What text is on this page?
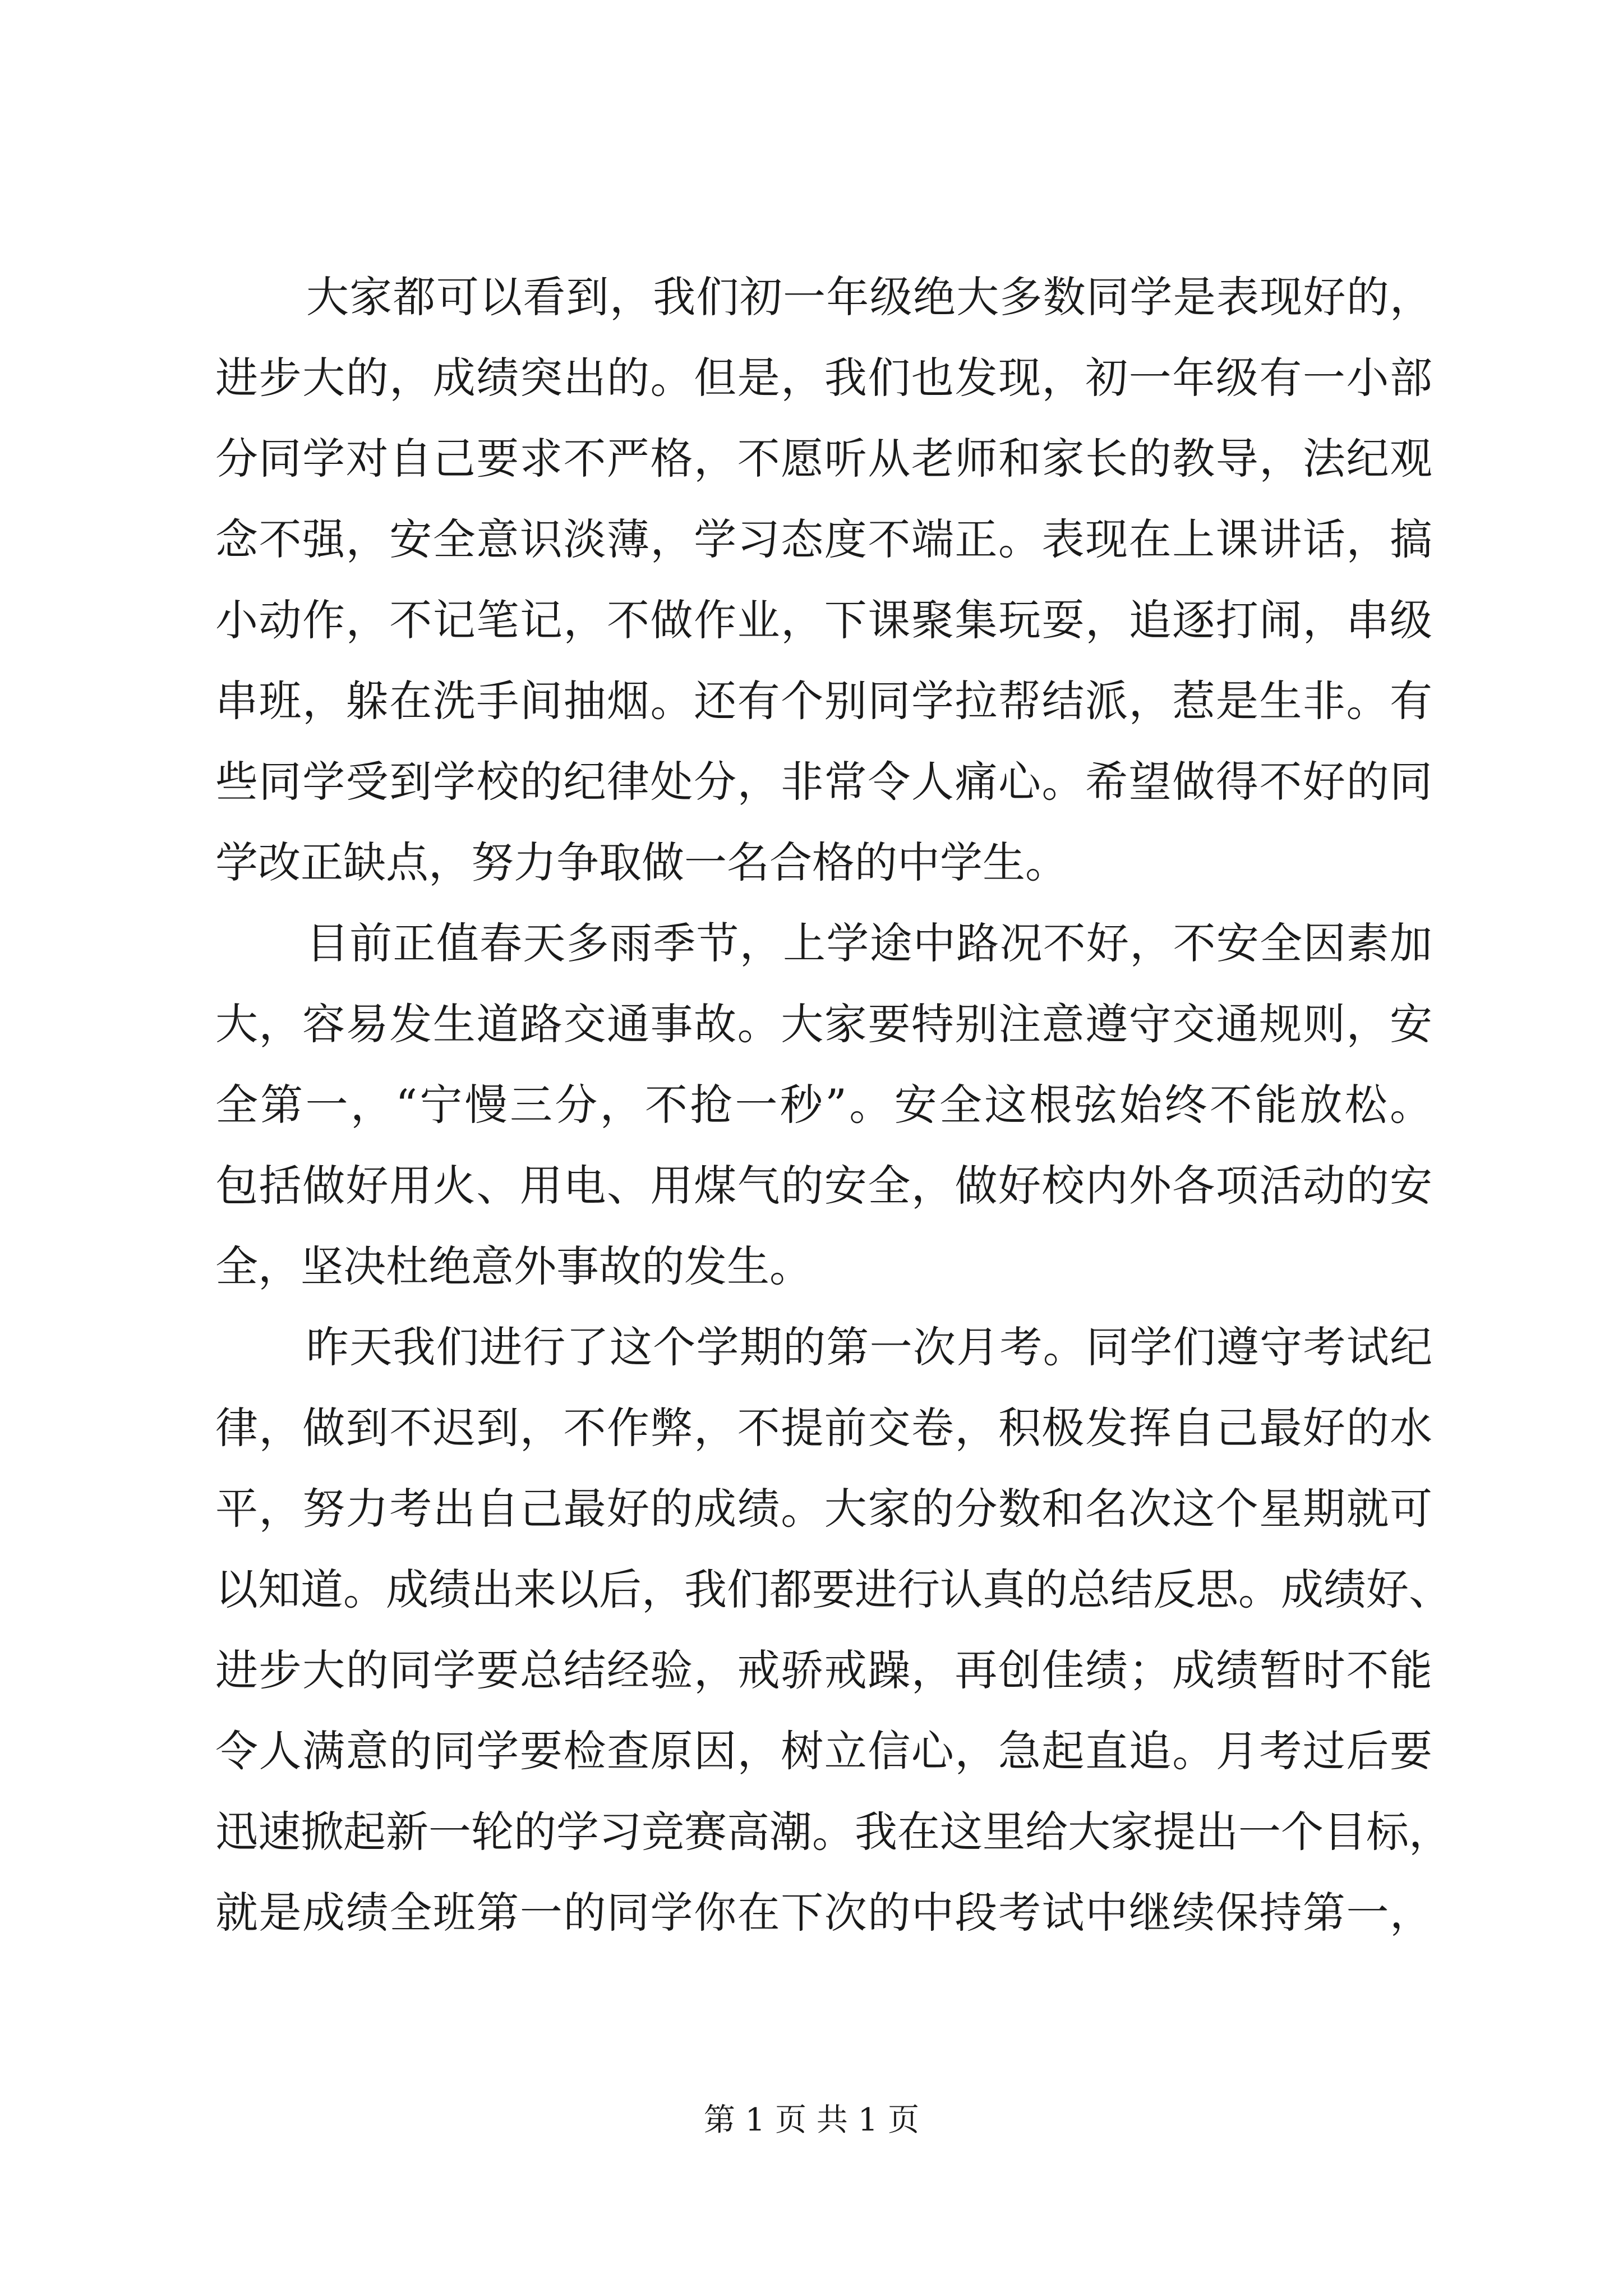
大家都可以看到，我们初一年级绝大多数同学是表现好的，
进步大的，成绩突出的。但是，我们也发现，初一年级有一小部
分同学对自己要求不严格，不愿听从老师和家长的教导，法纪观
念不强，安全意识淡薄，学习态度不端正。表现在上课讲话，搞
小动作，不记笔记，不做作业，下课聚集玩耍，追逐打闹，串级
串班，躲在洗手间抽烟。还有个别同学拉帮结派，惹是生非。有
些同学受到学校的纪律处分，非常令人痛心。希望做得不好的同
学改正缺点，努力争取做一名合格的中学生。
目前正值春天多雨季节，上学途中路况不好，不安全因素加
大，容易发生道路交通事故。大家要特别注意遵守交通规则，安
全第一，“宁慢三分，不抢一秒”。安全这根弦始终不能放松。
包括做好用火、用电、用煤气的安全，做好校内外各项活动的安
全，坚决杜绝意外事故的发生。
昨天我们进行了这个学期的第一次月考。同学们遵守考试纪
律，做到不迟到，不作弊，不提前交卷，积极发挥自己最好的水
平，努力考出自己最好的成绩。大家的分数和名次这个星期就可
以知道。成绩出来以后，我们都要进行认真的总结反思。成绩好、
进步大的同学要总结经验，戒骄戒躁，再创佳绩；成绩暂时不能
令人满意的同学要检查原因，树立信心，急起直追。月考过后要
迅速掀起新一轮的学习竞赛高潮。我在这里给大家提出一个目标，
就是成绩全班第一的同学你在下次的中段考试中继续保持第一，
第 1 页 共 1 页
